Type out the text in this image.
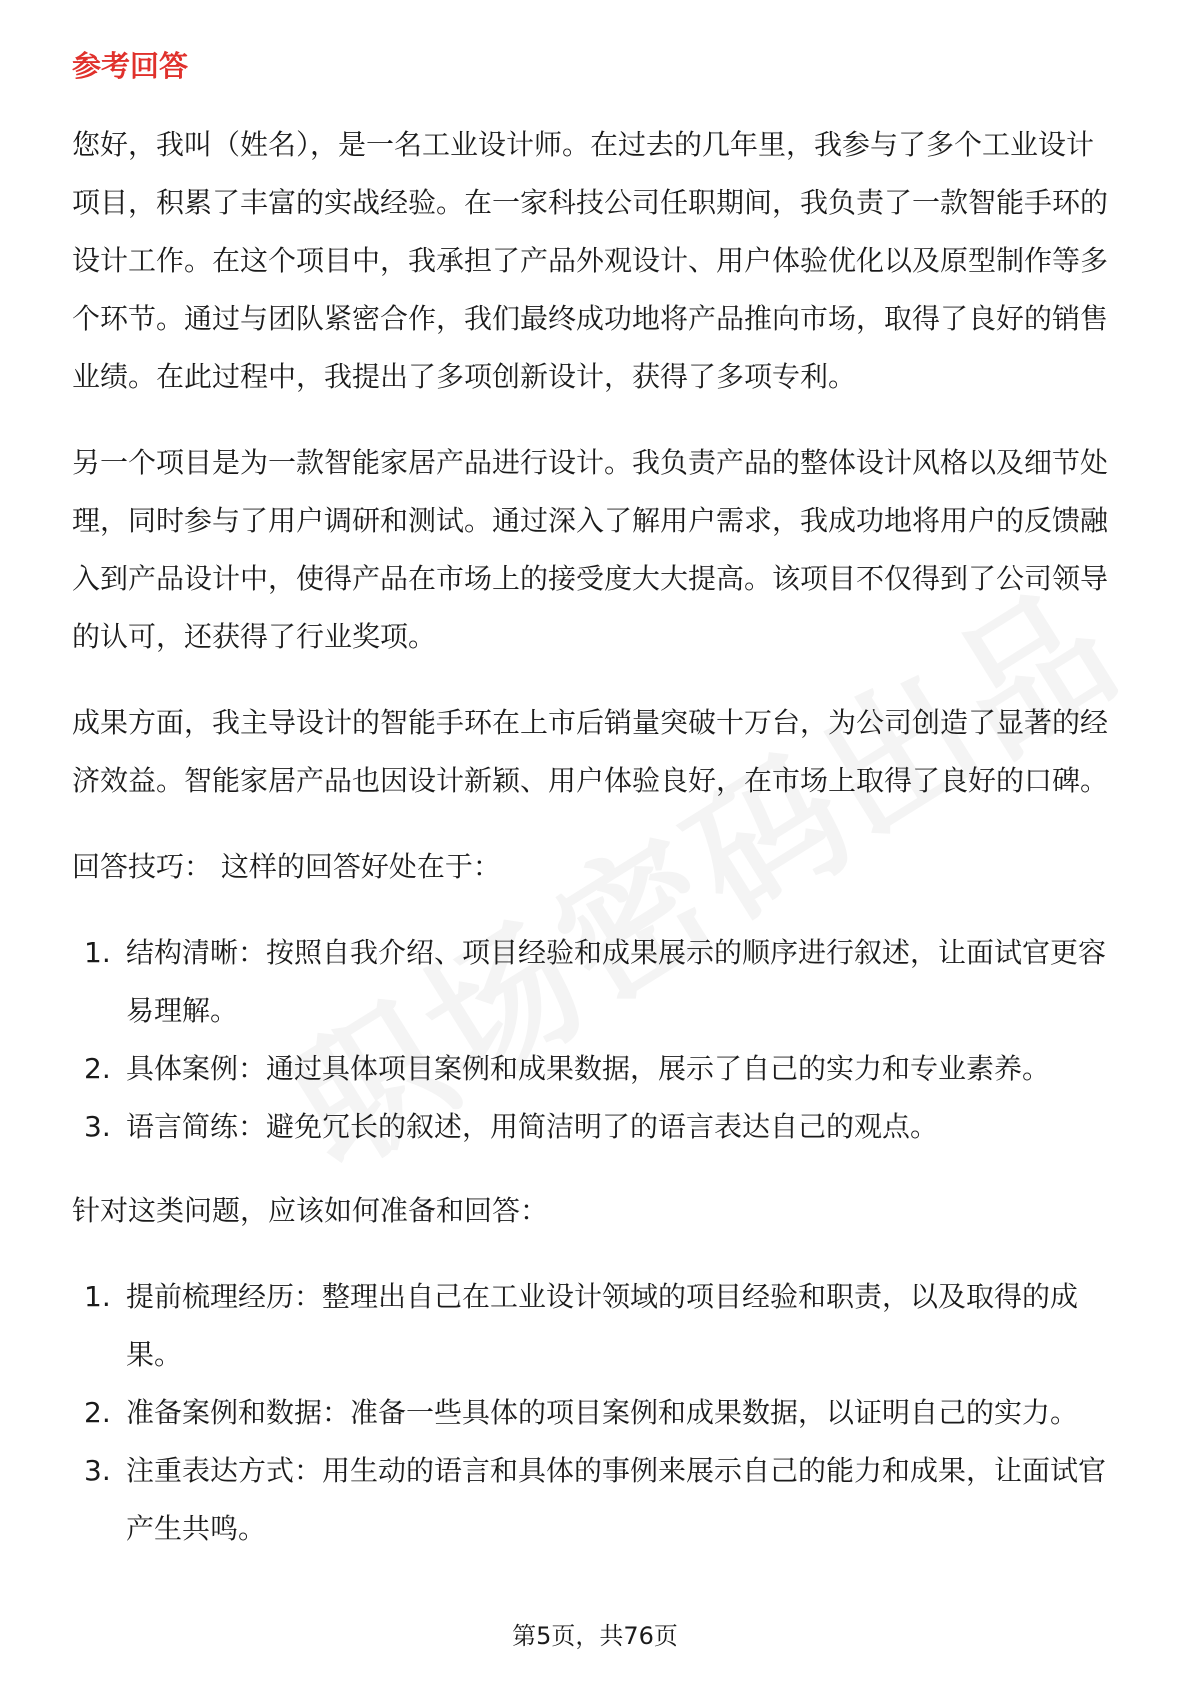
参考回答

您好，我叫（姓名），是一名工业设计师。在过去的几年里，我参与了多个工业设计项目，积累了丰富的实战经验。在一家科技公司任职期间，我负责了一款智能手环的设计工作。在这个项目中，我承担了产品外观设计、用户体验优化以及原型制作等多个环节。通过与团队紧密合作，我们最终成功地将产品推向市场，取得了良好的销售业绩。在此过程中，我提出了多项创新设计，获得了多项专利。

另一个项目是为一款智能家居产品进行设计。我负责产品的整体设计风格以及细节处理，同时参与了用户调研和测试。通过深入了解用户需求，我成功地将用户的反馈融入到产品设计中，使得产品在市场上的接受度大大提高。该项目不仅得到了公司领导的认可，还获得了行业奖项。

成果方面，我主导设计的智能手环在上市后销量突破十万台，为公司创造了显著的经济效益。智能家居产品也因设计新颖、用户体验良好，在市场上取得了良好的口碑。

回答技巧： 这样的回答好处在于：

1. 结构清晰：按照自我介绍、项目经验和成果展示的顺序进行叙述，让面试官更容易理解。
2. 具体案例：通过具体项目案例和成果数据，展示了自己的实力和专业素养。
3. 语言简练：避免冗长的叙述，用简洁明了的语言表达自己的观点。

针对这类问题，应该如何准备和回答：

1. 提前梳理经历：整理出自己在工业设计领域的项目经验和职责，以及取得的成果。
2. 准备案例和数据：准备一些具体的项目案例和成果数据，以证明自己的实力。
3. 注重表达方式：用生动的语言和具体的事例来展示自己的能力和成果，让面试官产生共鸣。
第5页，共76页
